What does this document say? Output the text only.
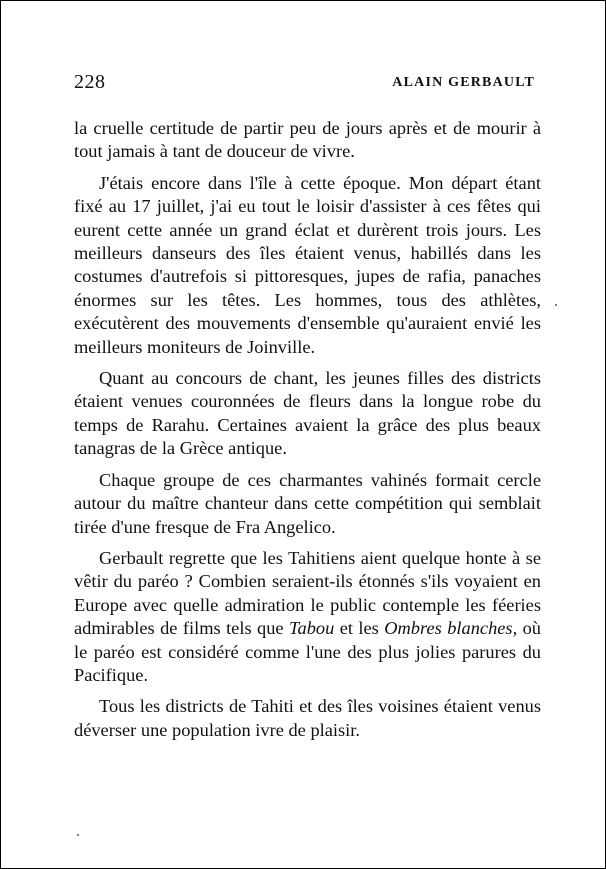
228	ALAIN GERBAULT

la cruelle certitude de partir peu de jours après et de mourir à tout jamais à tant de douceur de vivre.

J'étais encore dans l'île à cette époque. Mon départ étant fixé au 17 juillet, j'ai eu tout le loisir d'assister à ces fêtes qui eurent cette année un grand éclat et durèrent trois jours. Les meilleurs danseurs des îles étaient venus, habillés dans les costumes d'autrefois si pittoresques, jupes de rafia, panaches énormes sur les têtes. Les hommes, tous des athlètes, exécutèrent des mouvements d'ensemble qu'auraient envié les meilleurs moniteurs de Joinville.

Quant au concours de chant, les jeunes filles des districts étaient venues couronnées de fleurs dans la longue robe du temps de Rarahu. Certaines avaient la grâce des plus beaux tanagras de la Grèce antique.

Chaque groupe de ces charmantes vahinés formait cercle autour du maître chanteur dans cette compétition qui semblait tirée d'une fresque de Fra Angelico.

Gerbault regrette que les Tahitiens aient quelque honte à se vêtir du paréo ? Combien seraient-ils étonnés s'ils voyaient en Europe avec quelle admiration le public contemple les féeries admirables de films tels que Tabou et les Ombres blanches, où le paréo est considéré comme l'une des plus jolies parures du Pacifique.

Tous les districts de Tahiti et des îles voisines étaient venus déverser une population ivre de plaisir.
